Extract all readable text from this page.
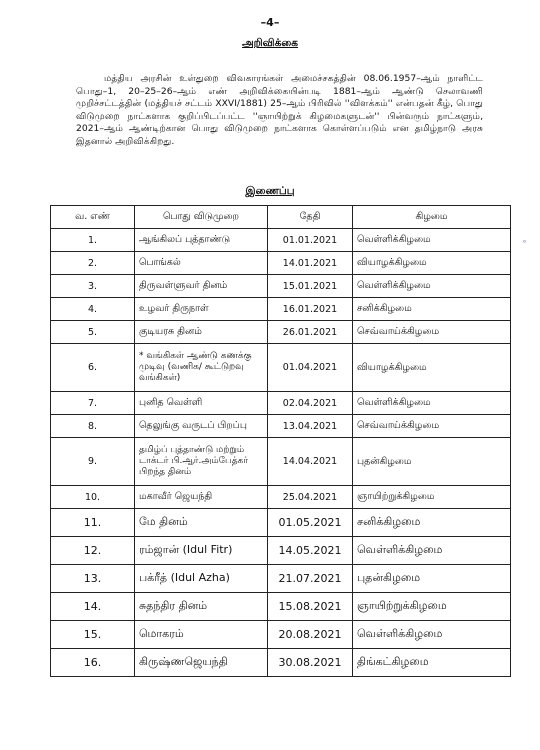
–4–
அறிவிக்கை
மத்திய அரசின் உள்துறை விவகாரங்கள் அமைச்சகத்தின் 08.06.1957–ஆம் நாளிட்ட பொது–1, 20–25–26–ஆம் எண் அறிவிக்கையின்படி 1881–ஆம் ஆண்டு செலாவணி முறிச்சட்டத்தின் (மத்தியச் சட்டம் XXVI/1881) 25–ஆம் பிரிவில் ''விளக்கம்'' என்பதன் கீழ், பொது விடுமுறை நாட்களாக குறிப்பிடப்பட்ட ''ஞாயிற்றுக் கிழமைகளுடன்'' பின்வரும் நாட்களும், 2021–ஆம் ஆண்டிற்கான பொது விடுமுறை நாட்களாக கொள்ளப்படும் என தமிழ்நாடு அரசு இதனால் அறிவிக்கிறது.
இணைப்பு
வ. எண்	பொது விடுமுறை	தேதி	கிழமை
1.	ஆங்கிலப் புத்தாண்டு	01.01.2021	வெள்ளிக்கிழமை
2.	பொங்கல்	14.01.2021	வியாழக்கிழமை
3.	திருவள்ளுவர் தினம்	15.01.2021	வெள்ளிக்கிழமை
4.	உழவர் திருநாள்	16.01.2021	சனிக்கிழமை
5.	குடியரசு தினம்	26.01.2021	செவ்வாய்க்கிழமை
6.	* வங்கிகள் ஆண்டு கணக்கு முடிவு (வணிக/ கூட்டுறவு வங்கிகள்)	01.04.2021	வியாழக்கிழமை
7.	புனித வெள்ளி	02.04.2021	வெள்ளிக்கிழமை
8.	தெலுங்கு வருடப் பிறப்பு	13.04.2021	செவ்வாய்க்கிழமை
9.	தமிழ்ப் புத்தாண்டு மற்றும் டாக்டர் பி.ஆர்.அம்பேத்கர் பிறந்த தினம்	14.04.2021	புதன்கிழமை
10.	மகாவீர் ஜெயந்தி	25.04.2021	ஞாயிற்றுக்கிழமை
11.	மே தினம்	01.05.2021	சனிக்கிழமை
12.	ரம்ஜான் (Idul Fitr)	14.05.2021	வெள்ளிக்கிழமை
13.	பக்ரீத் (Idul Azha)	21.07.2021	புதன்கிழமை
14.	சுதந்திர தினம்	15.08.2021	ஞாயிற்றுக்கிழமை
15.	மொகரம்	20.08.2021	வெள்ளிக்கிழமை
16.	கிருஷ்ணஜெயந்தி	30.08.2021	திங்கட்கிழமை
˳
